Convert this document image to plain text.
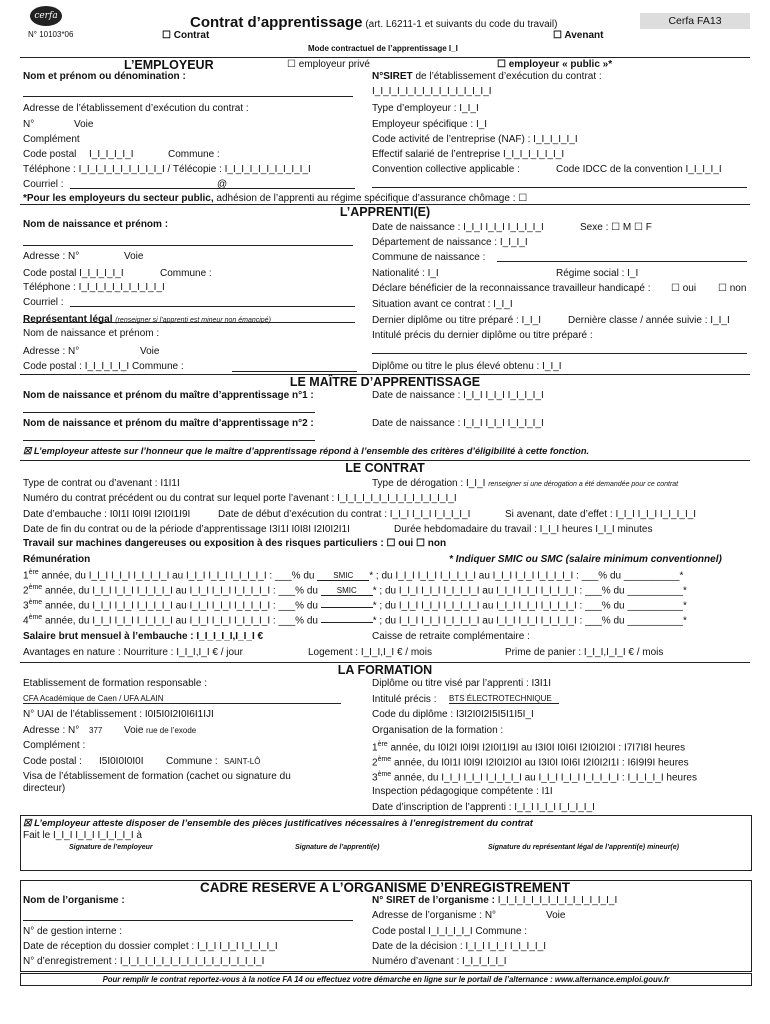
cerfa
N° 10103*06
Contrat d’apprentissage (art. L6211-1 et suivants du code du travail)	Cerfa FA13
☐ Contrat	☐ Avenant
Mode contractuel de l’apprentissage I_I
L’EMPLOYEUR	☐ employeur privé	☐ employeur « public »*
Nom et prénom ou dénomination :	N°SIRET de l’établissement d’exécution du contrat :
I_I_I_I_I_I_I_I_I_I_I_I_I_I_I
Adresse de l’établissement d’exécution du contrat :
N°	Voie
Complément
Code postal I_I_I_I_I_I	Commune :
Téléphone : I_I_I_I_I_I_I_I_I_I_I / Télécopie : I_I_I_I_I_I_I_I_I_I_I
Courriel :	@
Type d’employeur : I_I_I
Employeur spécifique : I_I
Code activité de l’entreprise (NAF) : I_I_I_I_I_I
Effectif salarié de l’entreprise I_I_I_I_I_I_I_I
Convention collective applicable :	Code IDCC de la convention I_I_I_I_I
*Pour les employeurs du secteur public, adhésion de l’apprenti au régime spécifique d’assurance chômage : ☐
L’APPRENTI(E)
Nom de naissance et prénom :
Adresse : N°	Voie
Code postal I_I_I_I_I_I	Commune :
Téléphone : I_I_I_I_I_I_I_I_I_I_I
Courriel :
Représentant légal (renseigner si l’apprenti est mineur non émancipé)
Nom de naissance et prénom :
Adresse : N°	Voie
Code postal : I_I_I_I_I_I Commune :
Date de naissance : I_I_I I_I_I I_I_I_I_I	Sexe : ☐ M ☐ F
Département de naissance : I_I_I_I
Commune de naissance :
Nationalité : I_I	Régime social : I_I
Déclare bénéficier de la reconnaissance travailleur handicapé : ☐ oui ☐ non
Situation avant ce contrat : I_I_I
Dernier diplôme ou titre préparé : I_I_I	Dernière classe / année suivie : I_I_I
Intitulé précis du dernier diplôme ou titre préparé :
Diplôme ou titre le plus élevé obtenu : I_I_I
LE MAÎTRE D’APPRENTISSAGE
Nom de naissance et prénom du maître d’apprentissage n°1 :	Date de naissance : I_I_I I_I_I I_I_I_I_I
Nom de naissance et prénom du maître d’apprentissage n°2 :	Date de naissance : I_I_I I_I_I I_I_I_I_I
☒ L’employeur atteste sur l’honneur que le maître d’apprentissage répond à l’ensemble des critères d’éligibilité à cette fonction.
LE CONTRAT
Type de contrat ou d’avenant : I1I1I	Type de dérogation : I_I_I renseigner si une dérogation a été demandée pour ce contrat
Numéro du contrat précédent ou du contrat sur lequel porte l’avenant : I_I_I_I_I_I_I_I_I_I_I_I_I_I_I
Date d’embauche : I0I1I I0I9I I2I0I1I9I	Date de début d’exécution du contrat : I_I_I I_I_I I_I_I_I_I	Si avenant, date d’effet : I_I_I I_I_I I_I_I_I_I
Date de fin du contrat ou de la période d’apprentissage I3I1I I0I8I I2I0I2I1I	Durée hebdomadaire du travail : I_I_I heures I_I_I minutes
Travail sur machines dangereuses ou exposition à des risques particuliers : ☐ oui ☐ non
Rémunération	* Indiquer SMIC ou SMC (salaire minimum conventionnel)
1ère année, du I_I_I I_I_I I_I_I_I_I au I_I_I I_I_I I_I_I_I_I : ___% du SMIC * ; du I_I_I I_I_I I_I_I_I_I au I_I_I I_I_I I_I_I_I_I : ___% du __________*
2ème année, du I_I_I I_I_I I_I_I_I_I au I_I_I I_I_I I_I_I_I_I : ___% du SMIC * ; du I_I_I I_I_I I_I_I_I_I au I_I_I I_I_I I_I_I_I_I : ___% du __________*
3ème année, du I_I_I I_I_I I_I_I_I_I au I_I_I I_I_I I_I_I_I_I : ___% du	* ; du I_I_I I_I_I I_I_I_I_I au I_I_I I_I_I I_I_I_I_I : ___% du __________*
4ème année, du I_I_I I_I_I I_I_I_I_I au I_I_I I_I_I I_I_I_I_I : ___% du	* ; du I_I_I I_I_I I_I_I_I_I au I_I_I I_I_I I_I_I_I_I : ___% du __________*
Salaire brut mensuel à l’embauche : I_I_I_I_I,I_I_I €	Caisse de retraite complémentaire :
Avantages en nature : Nourriture : I_I_I,I_I € / jour	Logement : I_I_I,I_I € / mois	Prime de panier : I_I_I,I_I_I € / mois
LA FORMATION
Etablissement de formation responsable :
CFA Académique de Caen / UFA ALAIN
N° UAI de l’établissement : I0I5I0I2I0I6I1IJI
Adresse : N° 377 Voie rue de l’exode
Complément :
Code postal : I5I0I0I0I0I Commune : SAINT-LÔ
Visa de l’établissement de formation (cachet ou signature du directeur)
Diplôme ou titre visé par l’apprenti : I3I1I
Intitulé précis : BTS ÉLECTROTECHNIQUE
Code du diplôme : I3I2I0I2I5I5I1I5I_I
Organisation de la formation :
1ère année, du I0I2I I0I9I I2I0I1I9I au I3I0I I0I6I I2I0I2I0I : I7I7I8I heures
2ème année, du I0I1I I0I9I I2I0I2I0I au I3I0I I0I6I I2I0I2I1I : I6I9I9I heures
3ème année, du I_I_I I_I_I I_I_I_I_I au I_I_I I_I_I I_I_I_I_I : I_I_I_I_I heures
Inspection pédagogique compétente : I1I
Date d’inscription de l’apprenti : I_I_I I_I_I I_I_I_I_I
☒ L’employeur atteste disposer de l’ensemble des pièces justificatives nécessaires à l’enregistrement du contrat
Fait le I_I_I I_I_I I_I_I_I_I à
Signature de l’employeur	Signature de l’apprenti(e)	Signature du représentant légal de l’apprenti(e) mineur(e)
CADRE RESERVE A L’ORGANISME D’ENREGISTREMENT
Nom de l’organisme :
N° de gestion interne :
Date de réception du dossier complet : I_I_I I_I_I I_I_I_I_I
N° d’enregistrement : I_I_I_I_I_I_I_I_I_I_I_I_I_I_I_I_I_I
N° SIRET de l’organisme : I_I_I_I_I_I_I_I_I_I_I_I_I_I_I
Adresse de l’organisme : N°	Voie
Code postal I_I_I_I_I_I Commune :
Date de la décision : I_I_I I_I_I I_I_I_I_I
Numéro d’avenant : I_I_I_I_I_I
Pour remplir le contrat reportez-vous à la notice FA 14 ou effectuez votre démarche en ligne sur le portail de l’alternance : www.alternance.emploi.gouv.fr
